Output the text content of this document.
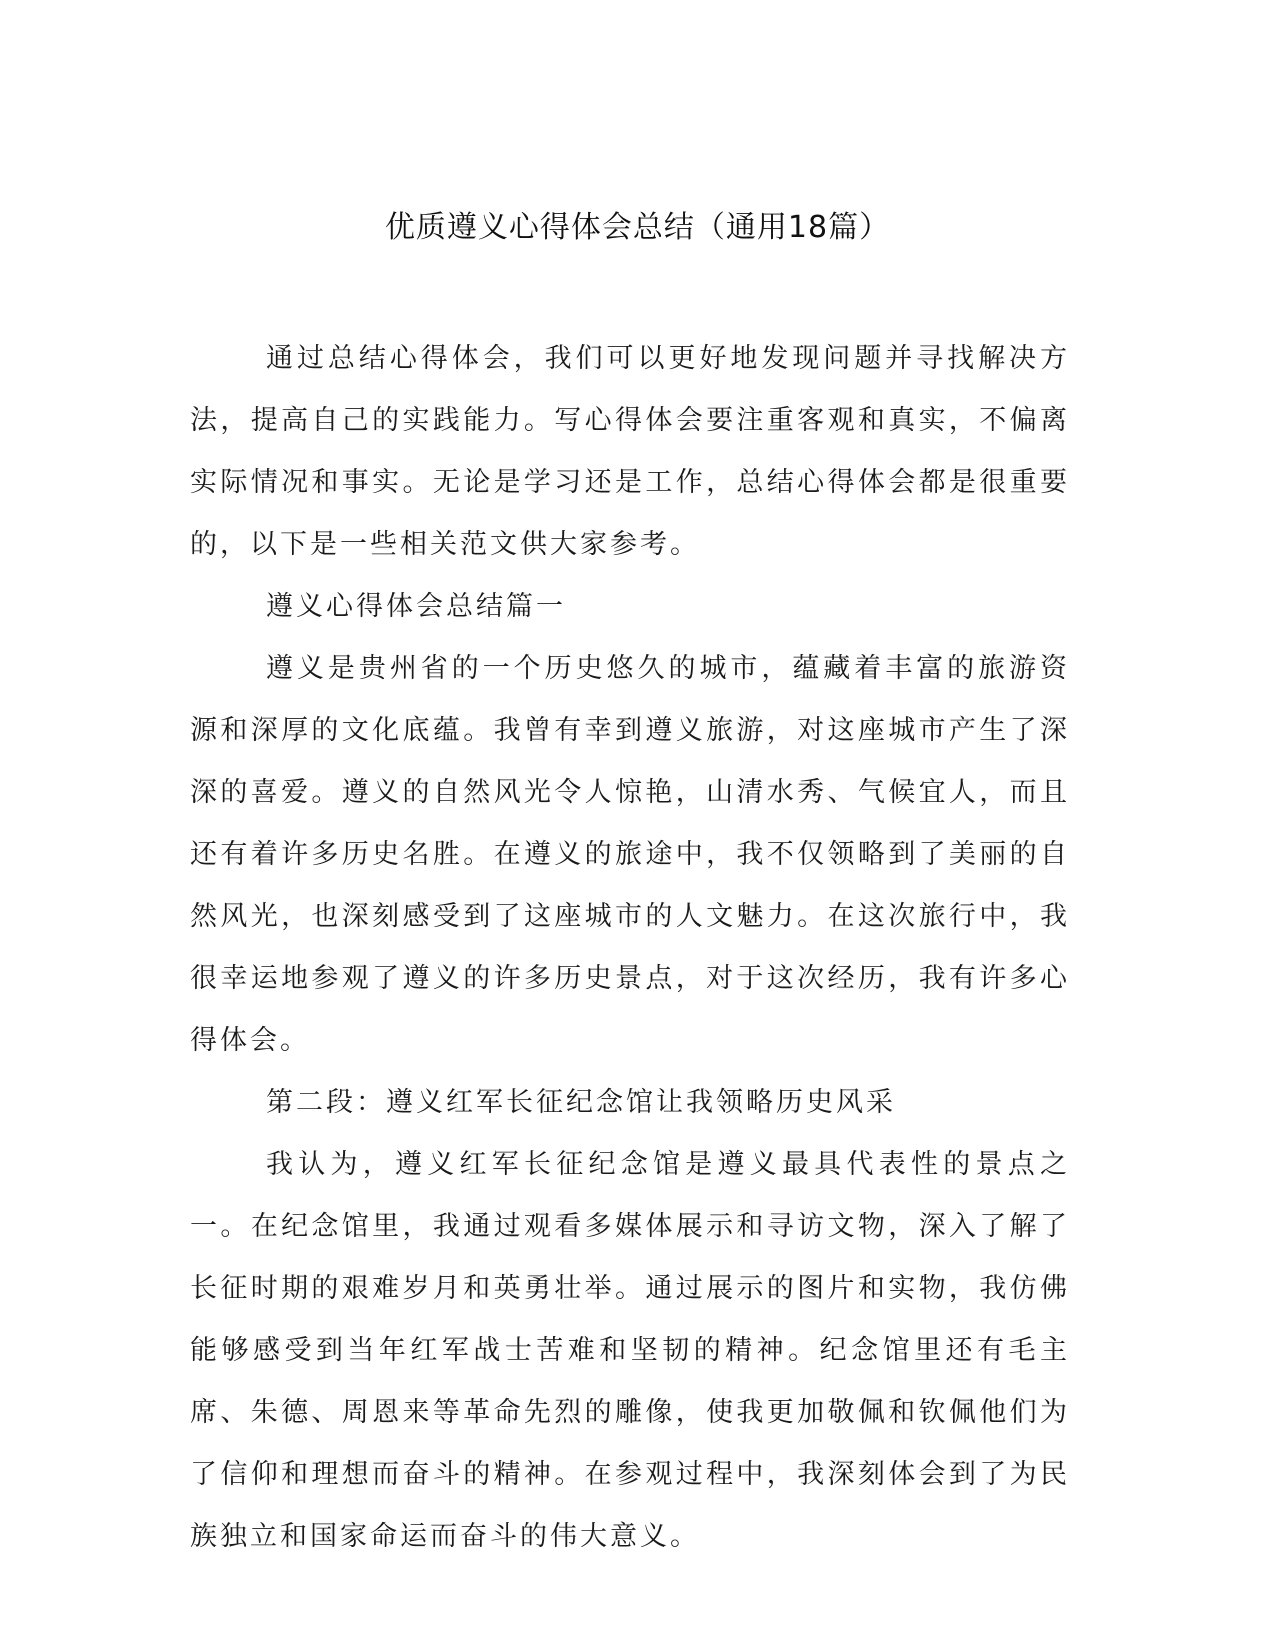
优质遵义心得体会总结（通用18篇）

通过总结心得体会，我们可以更好地发现问题并寻找解决方法，提高自己的实践能力。写心得体会要注重客观和真实，不偏离实际情况和事实。无论是学习还是工作，总结心得体会都是很重要的，以下是一些相关范文供大家参考。

遵义心得体会总结篇一

遵义是贵州省的一个历史悠久的城市，蕴藏着丰富的旅游资源和深厚的文化底蕴。我曾有幸到遵义旅游，对这座城市产生了深深的喜爱。遵义的自然风光令人惊艳，山清水秀、气候宜人，而且还有着许多历史名胜。在遵义的旅途中，我不仅领略到了美丽的自然风光，也深刻感受到了这座城市的人文魅力。在这次旅行中，我很幸运地参观了遵义的许多历史景点，对于这次经历，我有许多心得体会。

第二段：遵义红军长征纪念馆让我领略历史风采

我认为，遵义红军长征纪念馆是遵义最具代表性的景点之一。在纪念馆里，我通过观看多媒体展示和寻访文物，深入了解了长征时期的艰难岁月和英勇壮举。通过展示的图片和实物，我仿佛能够感受到当年红军战士苦难和坚韧的精神。纪念馆里还有毛主席、朱德、周恩来等革命先烈的雕像，使我更加敬佩和钦佩他们为了信仰和理想而奋斗的精神。在参观过程中，我深刻体会到了为民族独立和国家命运而奋斗的伟大意义。
